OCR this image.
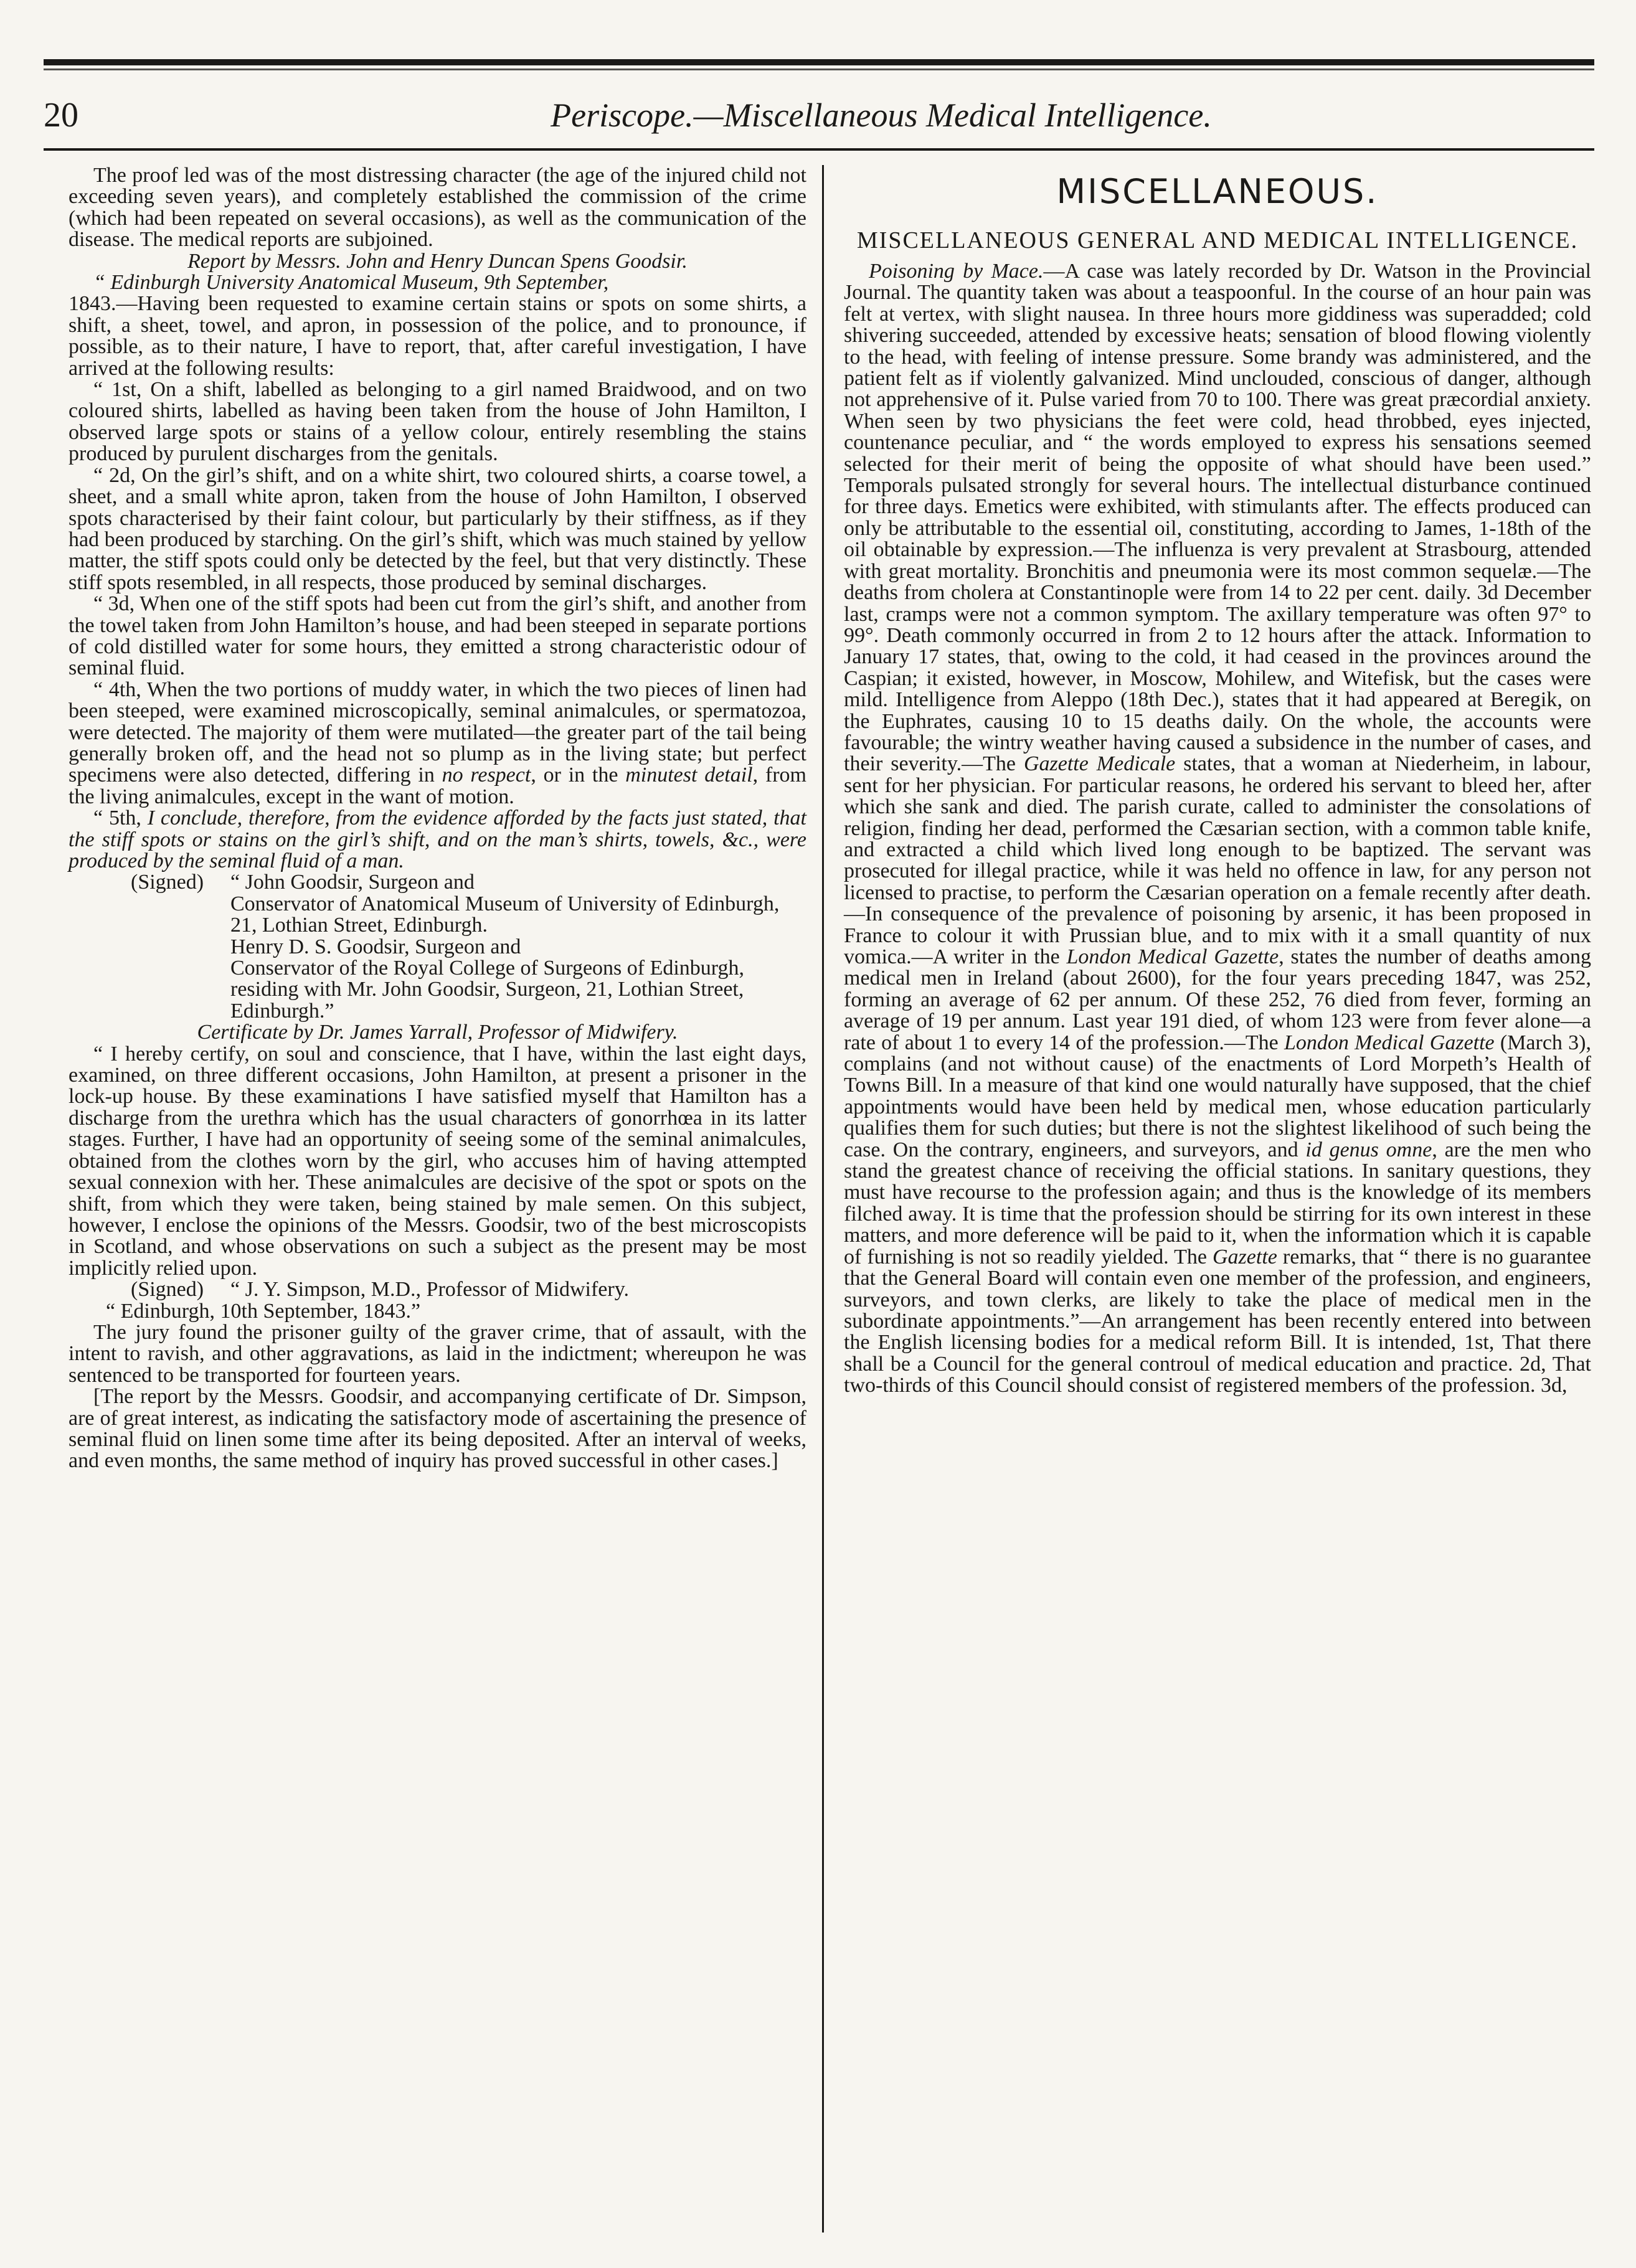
20	Periscope.—Miscellaneous Medical Intelligence.

The proof led was of the most distressing character (the age of the injured child not exceeding seven years), and completely established the commission of the crime (which had been repeated on several occasions), as well as the communication of the disease. The medical reports are subjoined.

Report by Messrs. John and Henry Duncan Spens Goodsir.

“ Edinburgh University Anatomical Museum, 9th September,

1843.—Having been requested to examine certain stains or spots on some shirts, a shift, a sheet, towel, and apron, in possession of the police, and to pronounce, if possible, as to their nature, I have to report, that, after careful investigation, I have arrived at the following results:

“ 1st, On a shift, labelled as belonging to a girl named Braidwood, and on two coloured shirts, labelled as having been taken from the house of John Hamilton, I observed large spots or stains of a yellow colour, entirely resembling the stains produced by purulent discharges from the genitals.

“ 2d, On the girl’s shift, and on a white shirt, two coloured shirts, a coarse towel, a sheet, and a small white apron, taken from the house of John Hamilton, I observed spots characterised by their faint colour, but particularly by their stiffness, as if they had been produced by starching. On the girl’s shift, which was much stained by yellow matter, the stiff spots could only be detected by the feel, but that very distinctly. These stiff spots resembled, in all respects, those produced by seminal discharges.

“ 3d, When one of the stiff spots had been cut from the girl’s shift, and another from the towel taken from John Hamilton’s house, and had been steeped in separate portions of cold distilled water for some hours, they emitted a strong characteristic odour of seminal fluid.

“ 4th, When the two portions of muddy water, in which the two pieces of linen had been steeped, were examined microscopically, seminal animalcules, or spermatozoa, were detected. The majority of them were mutilated—the greater part of the tail being generally broken off, and the head not so plump as in the living state; but perfect specimens were also detected, differing in no respect, or in the minutest detail, from the living animalcules, except in the want of motion.

“ 5th, I conclude, therefore, from the evidence afforded by the facts just stated, that the stiff spots or stains on the girl’s shift, and on the man’s shirts, towels, &c., were produced by the seminal fluid of a man.

(Signed)	“ John Goodsir, Surgeon and

Conservator of Anatomical Museum of University of Edinburgh, 21, Lothian Street, Edinburgh.

Henry D. S. Goodsir, Surgeon and

Conservator of the Royal College of Surgeons of Edinburgh, residing with Mr. John Goodsir, Surgeon, 21, Lothian Street, Edinburgh.”

Certificate by Dr. James Yarrall, Professor of Midwifery.

“ I hereby certify, on soul and conscience, that I have, within the last eight days, examined, on three different occasions, John Hamilton, at present a prisoner in the lock-up house. By these examinations I have satisfied myself that Hamilton has a discharge from the urethra which has the usual characters of gonorrhœa in its latter stages. Further, I have had an opportunity of seeing some of the seminal animalcules, obtained from the clothes worn by the girl, who accuses him of having attempted sexual connexion with her. These animalcules are decisive of the spot or spots on the shift, from which they were taken, being stained by male semen. On this subject, however, I enclose the opinions of the Messrs. Goodsir, two of the best microscopists in Scotland, and whose observations on such a subject as the present may be most implicitly relied upon.

(Signed)	“ J. Y. Simpson, M.D., Professor of Midwifery.

“ Edinburgh, 10th September, 1843.”

The jury found the prisoner guilty of the graver crime, that of assault, with the intent to ravish, and other aggravations, as laid in the indictment; whereupon he was sentenced to be transported for fourteen years.

[The report by the Messrs. Goodsir, and accompanying certificate of Dr. Simpson, are of great interest, as indicating the satisfactory mode of ascertaining the presence of seminal fluid on linen some time after its being deposited. After an interval of weeks, and even months, the same method of inquiry has proved successful in other cases.]

MISCELLANEOUS.
MISCELLANEOUS GENERAL AND MEDICAL INTELLIGENCE.

Poisoning by Mace.—A case was lately recorded by Dr. Watson in the Provincial Journal. The quantity taken was about a teaspoonful. In the course of an hour pain was felt at vertex, with slight nausea. In three hours more giddiness was superadded; cold shivering succeeded, attended by excessive heats; sensation of blood flowing violently to the head, with feeling of intense pressure. Some brandy was administered, and the patient felt as if violently galvanized. Mind unclouded, conscious of danger, although not apprehensive of it. Pulse varied from 70 to 100. There was great præcordial anxiety. When seen by two physicians the feet were cold, head throbbed, eyes injected, countenance peculiar, and “ the words employed to express his sensations seemed selected for their merit of being the opposite of what should have been used.” Temporals pulsated strongly for several hours. The intellectual disturbance continued for three days. Emetics were exhibited, with stimulants after. The effects produced can only be attributable to the essential oil, constituting, according to James, 1-18th of the oil obtainable by expression.—The influenza is very prevalent at Strasbourg, attended with great mortality. Bronchitis and pneumonia were its most common sequelæ.—The deaths from cholera at Constantinople were from 14 to 22 per cent. daily. 3d December last, cramps were not a common symptom. The axillary temperature was often 97° to 99°. Death commonly occurred in from 2 to 12 hours after the attack. Information to January 17 states, that, owing to the cold, it had ceased in the provinces around the Caspian; it existed, however, in Moscow, Mohilew, and Witefisk, but the cases were mild. Intelligence from Aleppo (18th Dec.), states that it had appeared at Beregik, on the Euphrates, causing 10 to 15 deaths daily. On the whole, the accounts were favourable; the wintry weather having caused a subsidence in the number of cases, and their severity.—The Gazette Medicale states, that a woman at Niederheim, in labour, sent for her physician. For particular reasons, he ordered his servant to bleed her, after which she sank and died. The parish curate, called to administer the consolations of religion, finding her dead, performed the Cæsarian section, with a common table knife, and extracted a child which lived long enough to be baptized. The servant was prosecuted for illegal practice, while it was held no offence in law, for any person not licensed to practise, to perform the Cæsarian operation on a female recently after death.—In consequence of the prevalence of poisoning by arsenic, it has been proposed in France to colour it with Prussian blue, and to mix with it a small quantity of nux vomica.—A writer in the London Medical Gazette, states the number of deaths among medical men in Ireland (about 2600), for the four years preceding 1847, was 252, forming an average of 62 per annum. Of these 252, 76 died from fever, forming an average of 19 per annum. Last year 191 died, of whom 123 were from fever alone—a rate of about 1 to every 14 of the profession.—The London Medical Gazette (March 3), complains (and not without cause) of the enactments of Lord Morpeth’s Health of Towns Bill. In a measure of that kind one would naturally have supposed, that the chief appointments would have been held by medical men, whose education particularly qualifies them for such duties; but there is not the slightest likelihood of such being the case. On the contrary, engineers, and surveyors, and id genus omne, are the men who stand the greatest chance of receiving the official stations. In sanitary questions, they must have recourse to the profession again; and thus is the knowledge of its members filched away. It is time that the profession should be stirring for its own interest in these matters, and more deference will be paid to it, when the information which it is capable of furnishing is not so readily yielded. The Gazette remarks, that “ there is no guarantee that the General Board will contain even one member of the profession, and engineers, surveyors, and town clerks, are likely to take the place of medical men in the subordinate appointments.”—An arrangement has been recently entered into between the English licensing bodies for a medical reform Bill. It is intended, 1st, That there shall be a Council for the general controul of medical education and practice. 2d, That two-thirds of this Council should consist of registered members of the profession. 3d,
